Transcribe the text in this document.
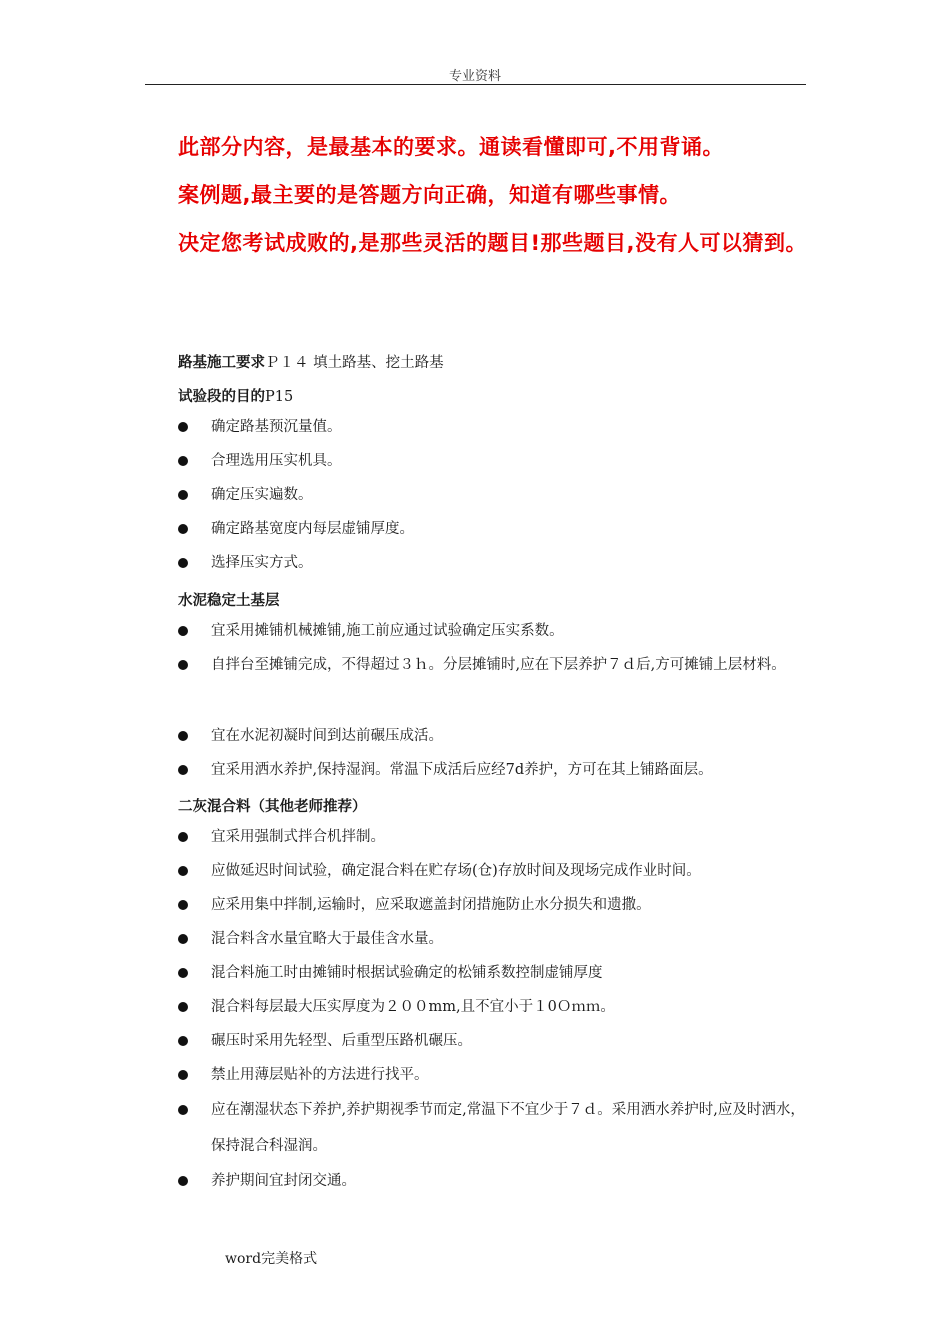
专业资料

此部分内容，是最基本的要求。通读看懂即可,不用背诵。

案例题,最主要的是答题方向正确，知道有哪些事情。

决定您考试成败的,是那些灵活的题目!那些题目,没有人可以猜到。

路基施工要求Ｐ１４ 填土路基、挖土路基
试验段的目的P15
确定路基预沉量值。
合理选用压实机具。
确定压实遍数。
确定路基宽度内每层虚铺厚度。
选择压实方式。
水泥稳定土基层
宜采用摊铺机械摊铺,施工前应通过试验确定压实系数。
自拌台至摊铺完成，不得超过３ｈ。分层摊铺时,应在下层养护７ｄ后,方可摊铺上层材料。
宜在水泥初凝时间到达前碾压成活。
宜采用洒水养护,保持湿润。常温下成活后应经7d养护，方可在其上铺路面层。
二灰混合料（其他老师推荐）
宜采用强制式拌合机拌制。
应做延迟时间试验，确定混合料在贮存场(仓)存放时间及现场完成作业时间。
应采用集中拌制,运输时，应采取遮盖封闭措施防止水分损失和遗撒。
混合料含水量宜略大于最佳含水量。
混合料施工时由摊铺时根据试验确定的松铺系数控制虚铺厚度
混合料每层最大压实厚度为２００mm,且不宜小于１0Ｏｍｍ。
碾压时采用先轻型、后重型压路机碾压。
禁止用薄层贴补的方法进行找平。
应在潮湿状态下养护,养护期视季节而定,常温下不宜少于７ｄ。采用洒水养护时,应及时洒水，保持混合科湿润。
养护期间宜封闭交通。
word完美格式
